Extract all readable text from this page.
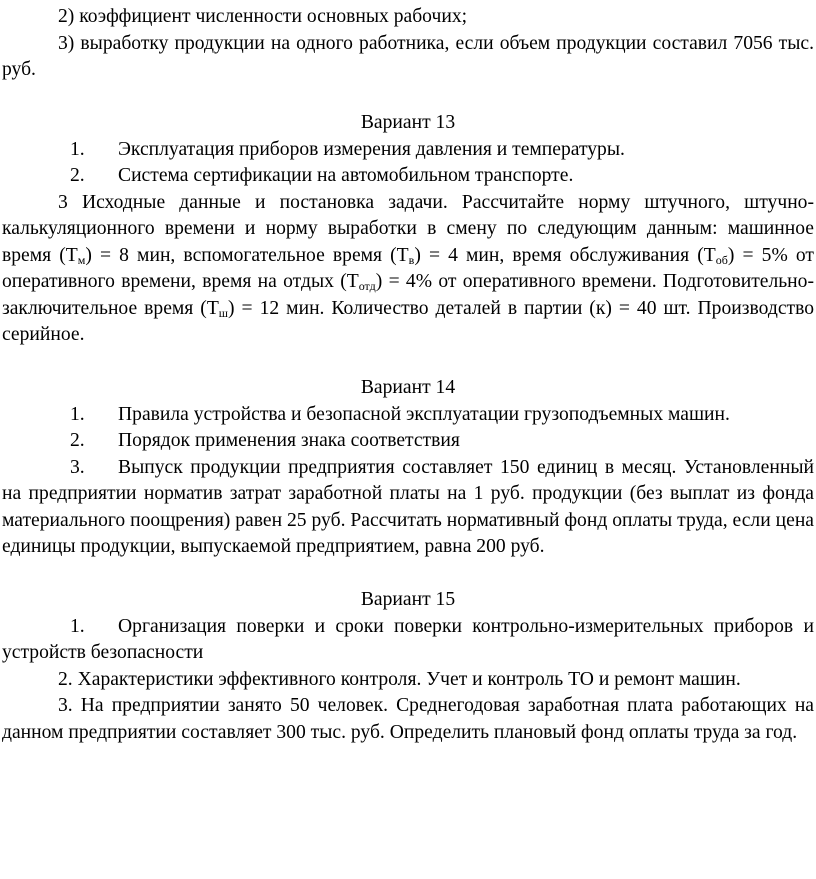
2) коэффициент численности основных рабочих;

3) выработку продукции на одного работника, если объем продукции составил 7056 тыс. руб.

Вариант 13

1. Эксплуатация приборов измерения давления и температуры.

2. Система сертификации на автомобильном транспорте.

3 Исходные данные и постановка задачи. Рассчитайте норму штучного, штучно-калькуляционного времени и норму выработки в смену по следующим данным: машинное время $(Т_м) = 8$ мин, вспомогательное время $(Т_в) = 4$ мин, время обслуживания $(Т_{об}) = 5\%$ от оперативного времени, время на отдых $(Т_{отд}) = 4\%$ от оперативного времени. Подготовительно-заключительное время $(Т_ш) = 12$ мин. Количество деталей в партии (к) = 40 шт. Производство серийное.

Вариант 14

1. Правила устройства и безопасной эксплуатации грузоподъемных машин.

2. Порядок применения знака соответствия

3. Выпуск продукции предприятия составляет 150 единиц в месяц. Установленный на предприятии норматив затрат заработной платы на 1 руб. продукции (без выплат из фонда материального поощрения) равен 25 руб. Рассчитать нормативный фонд оплаты труда, если цена единицы продукции, выпускаемой предприятием, равна 200 руб.

Вариант 15

1. Организация поверки и сроки поверки контрольно-измерительных приборов и устройств безопасности

2. Характеристики эффективного контроля. Учет и контроль ТО и ремонт машин.

3. На предприятии занято 50 человек. Среднегодовая заработная плата работающих на данном предприятии составляет 300 тыс. руб. Определить плановый фонд оплаты труда за год.
